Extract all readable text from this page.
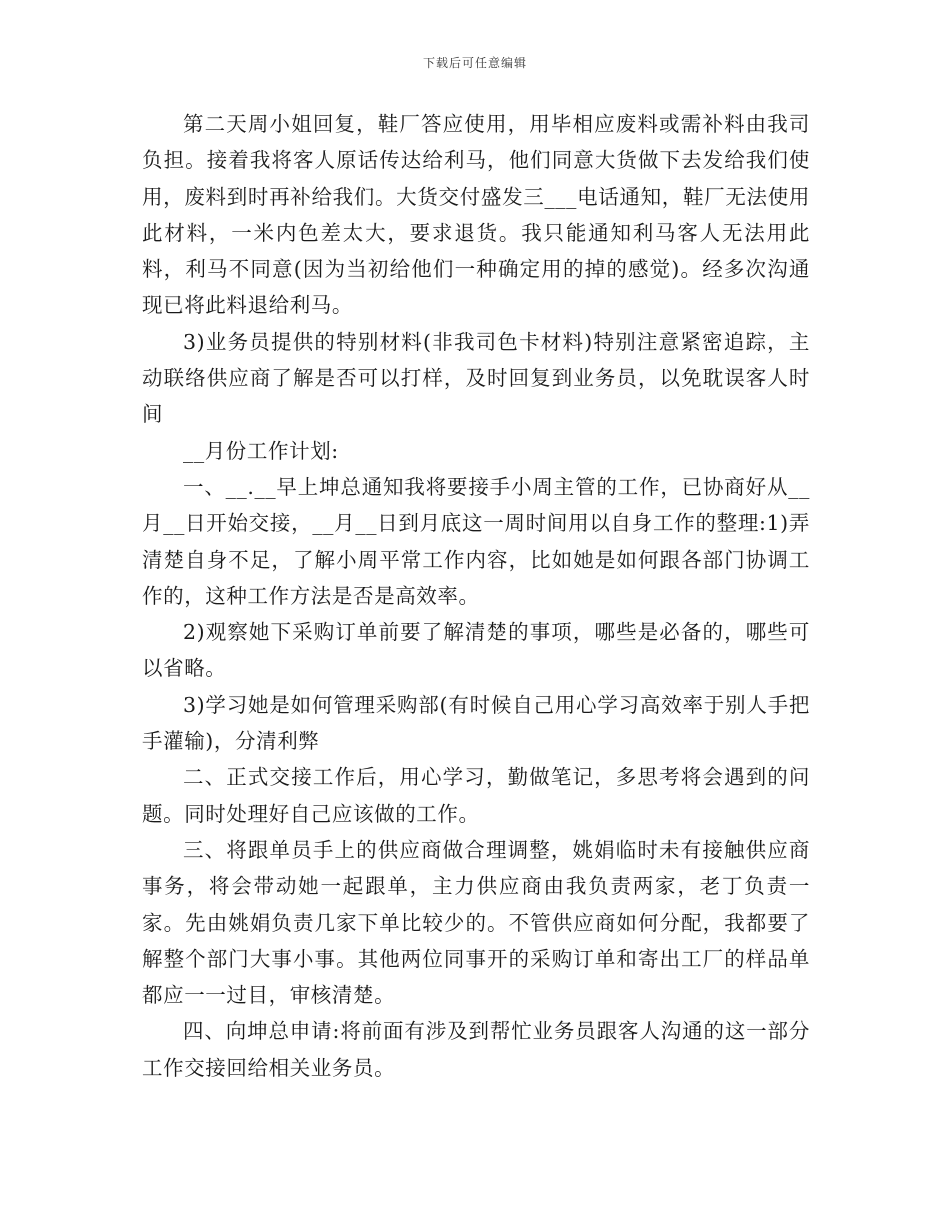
下载后可任意编辑

第二天周小姐回复，鞋厂答应使用，用毕相应废料或需补料由我司负担。接着我将客人原话传达给利马，他们同意大货做下去发给我们使用，废料到时再补给我们。大货交付盛发三___电话通知，鞋厂无法使用此材料，一米内色差太大，要求退货。我只能通知利马客人无法用此料，利马不同意(因为当初给他们一种确定用的掉的感觉)。经多次沟通现已将此料退给利马。

3)业务员提供的特别材料(非我司色卡材料)特别注意紧密追踪，主动联络供应商了解是否可以打样，及时回复到业务员，以免耽误客人时间

__月份工作计划:

一、__.__早上坤总通知我将要接手小周主管的工作，已协商好从__月__日开始交接，__月__日到月底这一周时间用以自身工作的整理:1)弄清楚自身不足，了解小周平常工作内容，比如她是如何跟各部门协调工作的，这种工作方法是否是高效率。

2)观察她下采购订单前要了解清楚的事项，哪些是必备的，哪些可以省略。

3)学习她是如何管理采购部(有时候自己用心学习高效率于别人手把手灌输)，分清利弊

二、正式交接工作后，用心学习，勤做笔记，多思考将会遇到的问题。同时处理好自己应该做的工作。

三、将跟单员手上的供应商做合理调整，姚娟临时未有接触供应商事务，将会带动她一起跟单，主力供应商由我负责两家，老丁负责一家。先由姚娟负责几家下单比较少的。不管供应商如何分配，我都要了解整个部门大事小事。其他两位同事开的采购订单和寄出工厂的样品单都应一一过目，审核清楚。

四、向坤总申请:将前面有涉及到帮忙业务员跟客人沟通的这一部分工作交接回给相关业务员。
